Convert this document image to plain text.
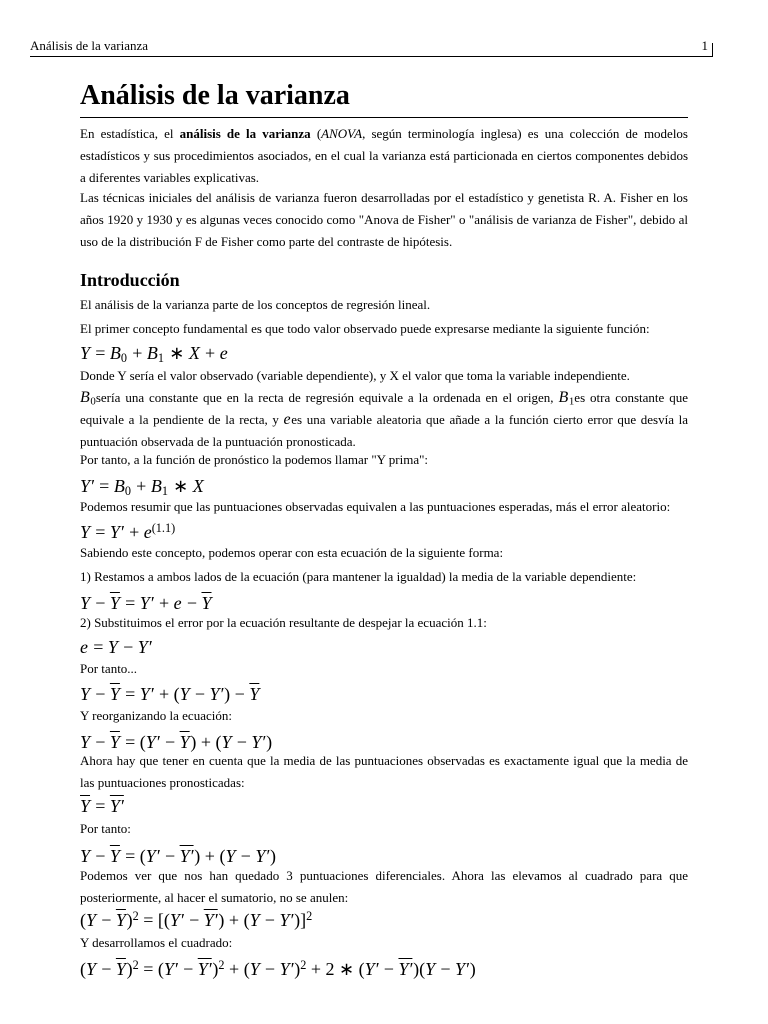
Análisis de la varianza	1
Análisis de la varianza

En estadística, el análisis de la varianza (ANOVA, según terminología inglesa) es una colección de modelos estadísticos y sus procedimientos asociados, en el cual la varianza está particionada en ciertos componentes debidos a diferentes variables explicativas.

Las técnicas iniciales del análisis de varianza fueron desarrolladas por el estadístico y genetista R. A. Fisher en los años 1920 y 1930 y es algunas veces conocido como "Anova de Fisher" o "análisis de varianza de Fisher", debido al uso de la distribución F de Fisher como parte del contraste de hipótesis.

Introducción

El análisis de la varianza parte de los conceptos de regresión lineal.

El primer concepto fundamental es que todo valor observado puede expresarse mediante la siguiente función:

$Y = B_0 + B_1$ ∗ X + e

Donde Y sería el valor observado (variable dependiente), y X el valor que toma la variable independiente.

$B_0sería$ una constante que en la recta de regresión equivale a la ordenada en el origen, $B_1es$ otra constante que equivale a la pendiente de la recta, y ees una variable aleatoria que añade a la función cierto error que desvía la puntuación observada de la puntuación pronosticada.

Por tanto, a la función de pronóstico la podemos llamar "Y prima":

$Y' = B_0 + B_1$ ∗ X

Podemos resumir que las puntuaciones observadas equivalen a las puntuaciones esperadas, más el error aleatorio:

$Y = Y' + e^{(1.1)}$

Sabiendo este concepto, podemos operar con esta ecuación de la siguiente forma:

1) Restamos a ambos lados de la ecuación (para mantener la igualdad) la media de la variable dependiente:

$Y - \overline{Y} = Y' + e - \overline{Y}$

2) Substituimos el error por la ecuación resultante de despejar la ecuación 1.1:

e = Y − Y′

Por tanto...

$Y - \overline{Y} = Y' + (Y - Y') - \overline{Y}$

Y reorganizando la ecuación:

$Y - \overline{Y} = (Y' - \overline{Y}) + (Y - Y')$

Ahora hay que tener en cuenta que la media de las puntuaciones observadas es exactamente igual que la media de las puntuaciones pronosticadas:

$\overline{Y} = Y'$

Por tanto:

$Y - \overline{Y} = (Y' - Y') + (Y - Y')$

Podemos ver que nos han quedado 3 puntuaciones diferenciales. Ahora las elevamos al cuadrado para que posteriormente, al hacer el sumatorio, no se anulen:

$(Y - \overline{Y})^2 = [(Y' - Y') + (Y - Y')]^2$

Y desarrollamos el cuadrado:

$(Y - \overline{Y})^2 = (Y' - Y')^2 + (Y - Y')^2 + 2$ ∗ (Y′ − Y′)(Y − Y′)
